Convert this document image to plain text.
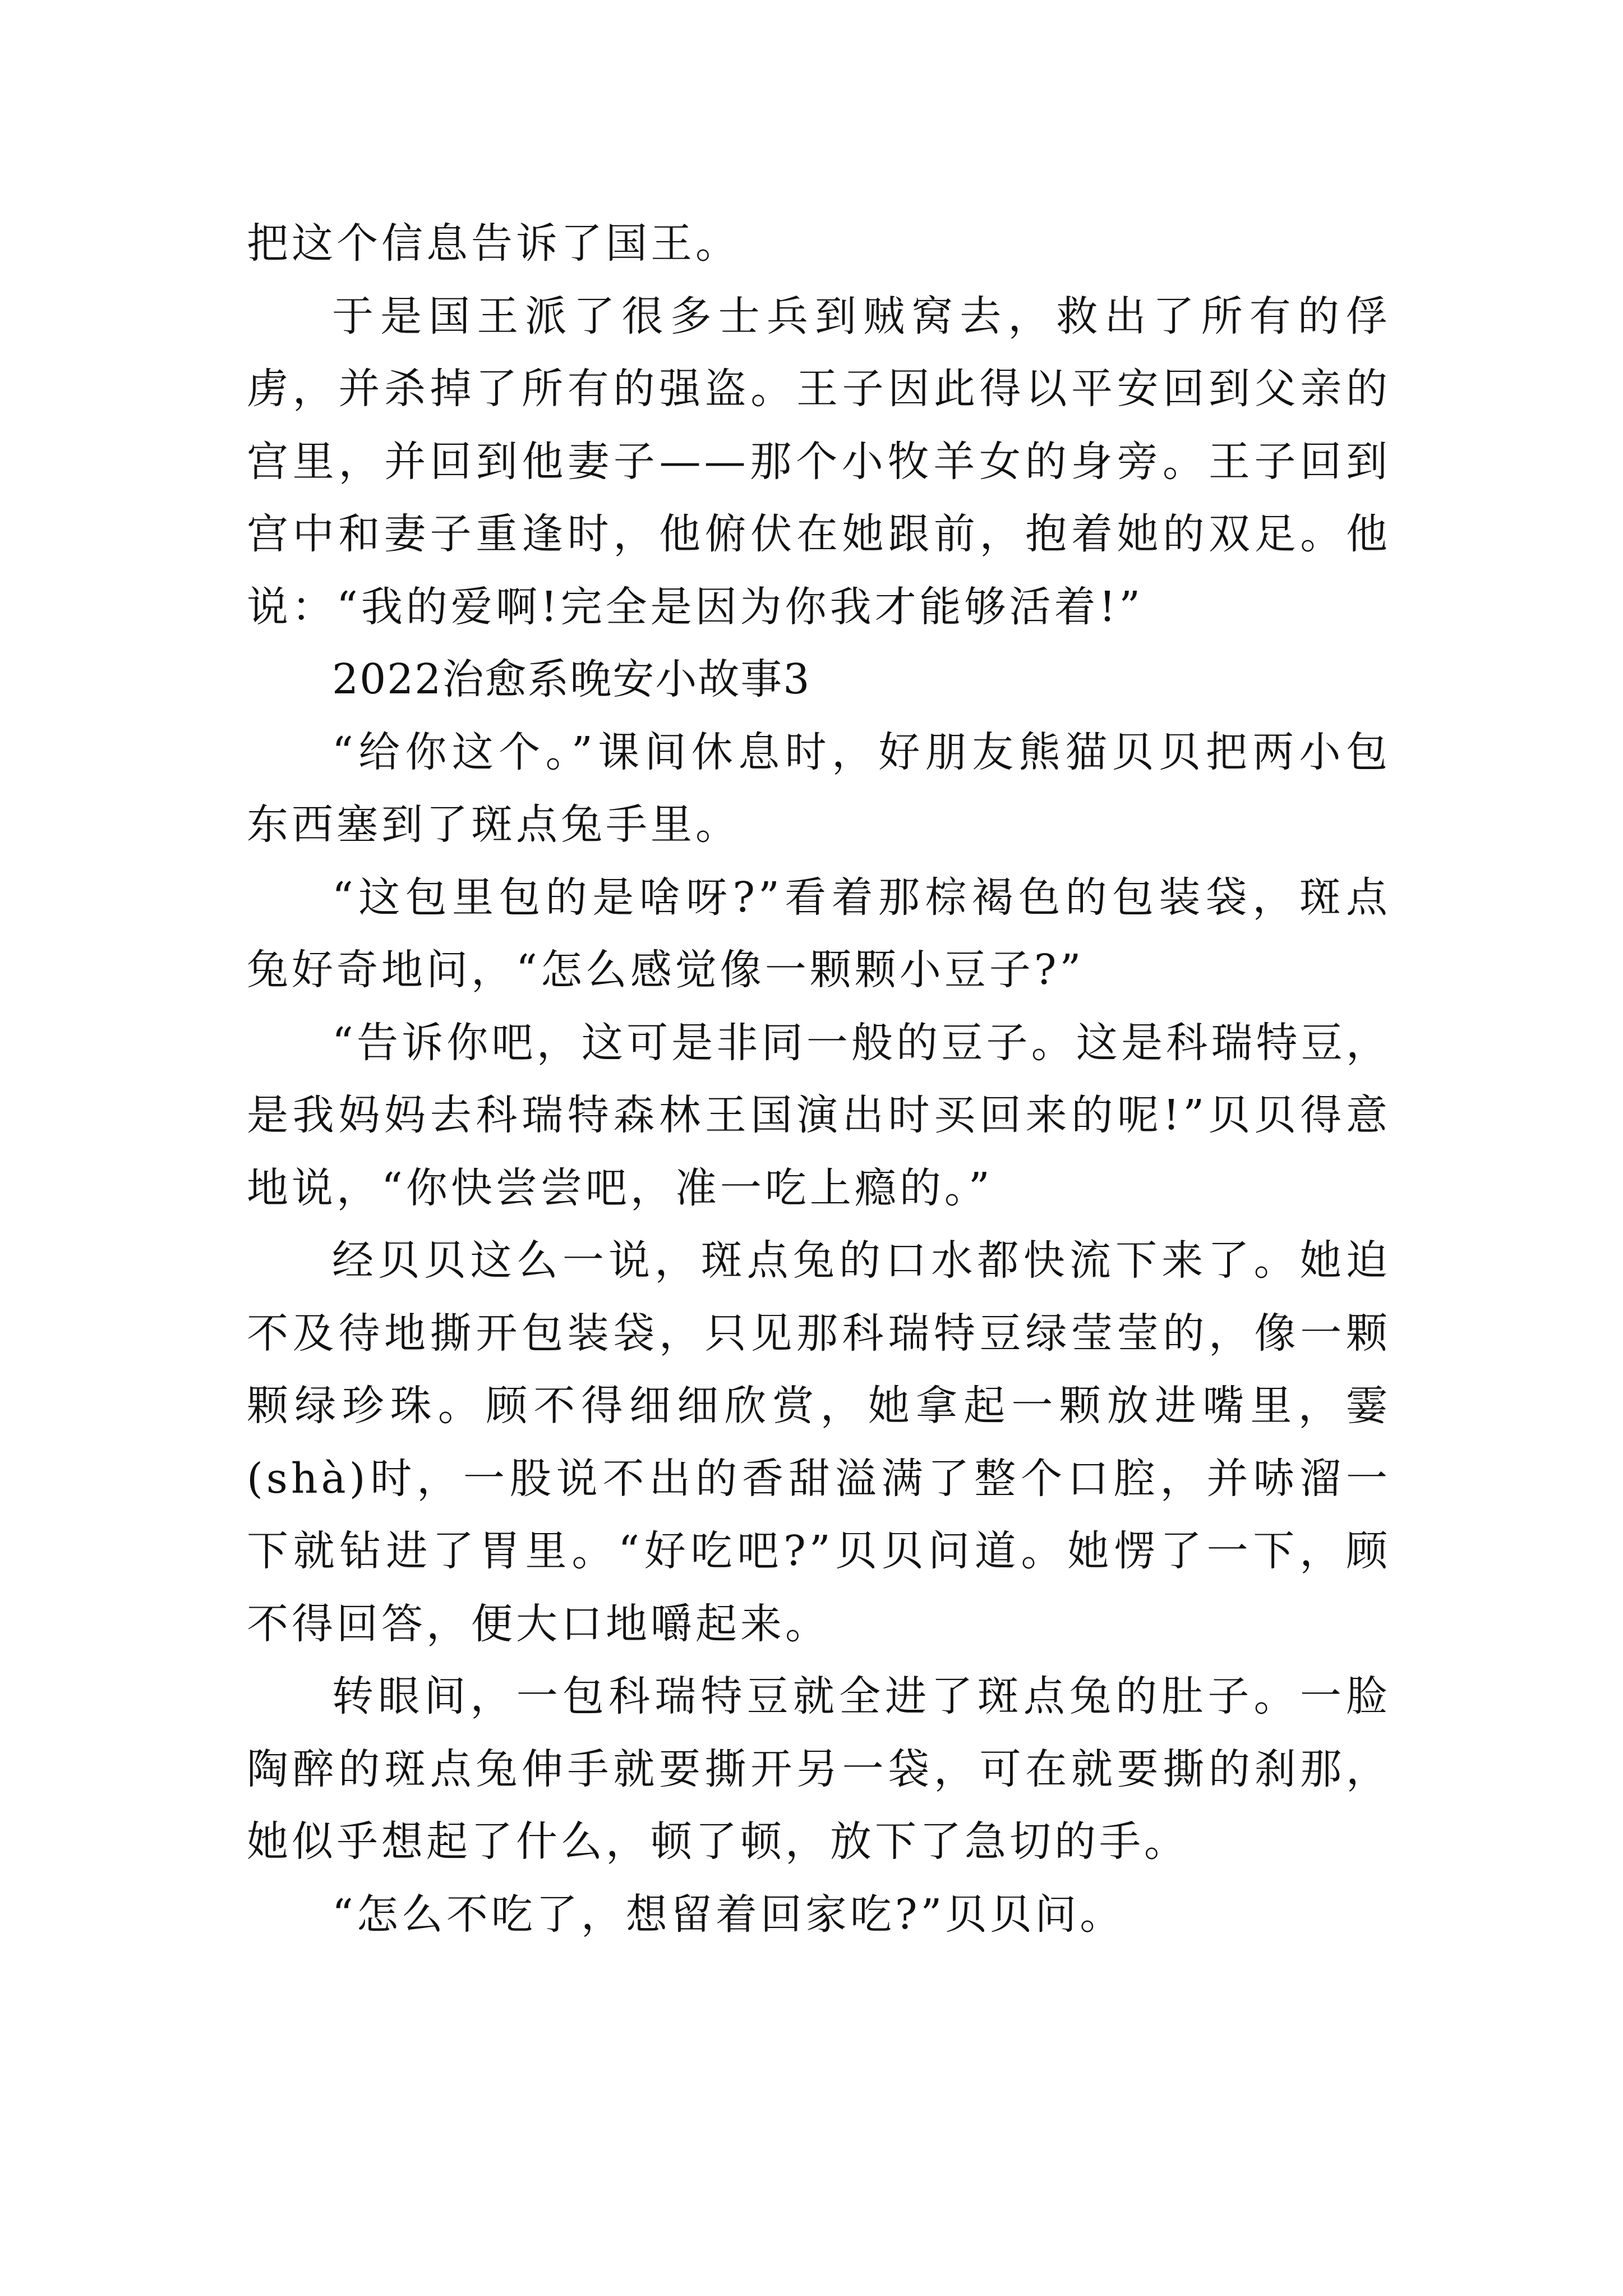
把这个信息告诉了国王。

于是国王派了很多士兵到贼窝去，救出了所有的俘虏，并杀掉了所有的强盗。王子因此得以平安回到父亲的宫里，并回到他妻子——那个小牧羊女的身旁。王子回到宫中和妻子重逢时，他俯伏在她跟前，抱着她的双足。他说：“我的爱啊!完全是因为你我才能够活着!”

2022治愈系晚安小故事3

“给你这个。”课间休息时，好朋友熊猫贝贝把两小包东西塞到了斑点兔手里。

“这包里包的是啥呀?”看着那棕褐色的包装袋，斑点兔好奇地问，“怎么感觉像一颗颗小豆子?”

“告诉你吧，这可是非同一般的豆子。这是科瑞特豆，是我妈妈去科瑞特森林王国演出时买回来的呢!”贝贝得意地说，“你快尝尝吧，准一吃上瘾的。”

经贝贝这么一说，斑点兔的口水都快流下来了。她迫不及待地撕开包装袋，只见那科瑞特豆绿莹莹的，像一颗颗绿珍珠。顾不得细细欣赏，她拿起一颗放进嘴里，霎(shà)时，一股说不出的香甜溢满了整个口腔，并哧溜一下就钻进了胃里。“好吃吧?”贝贝问道。她愣了一下，顾不得回答，便大口地嚼起来。

转眼间，一包科瑞特豆就全进了斑点兔的肚子。一脸陶醉的斑点兔伸手就要撕开另一袋，可在就要撕的刹那，她似乎想起了什么，顿了顿，放下了急切的手。

“怎么不吃了，想留着回家吃?”贝贝问。
